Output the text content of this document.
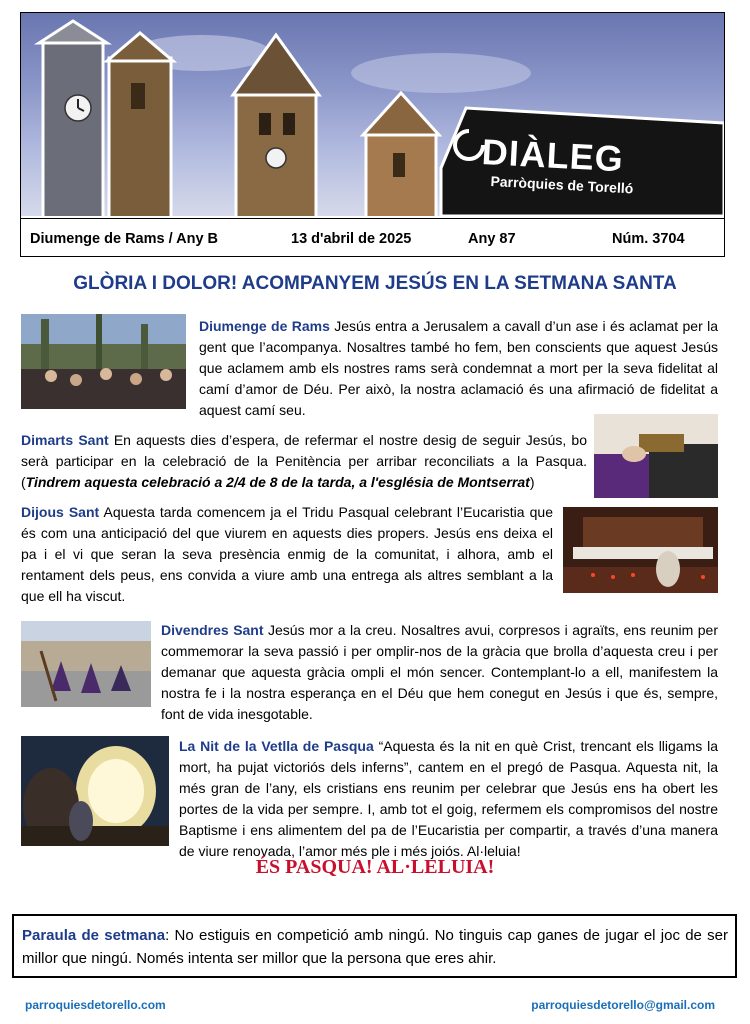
DIÀLEG
Parròquies de Torelló
Diumenge de Rams / Any B	13 d'abril de 2025	Any 87	Núm. 3704
GLÒRIA I DOLOR! ACOMPANYEM JESÚS EN LA SETMANA SANTA
Diumenge de Rams Jesús entra a Jerusalem a cavall d’un ase i és aclamat per la gent que l’acompanya. Nosaltres també ho fem, ben conscients que aquest Jesús que aclamem amb els nostres rams serà condemnat a mort per la seva fidelitat al camí d’amor de Déu. Per això, la nostra aclamació és una afirmació de fidelitat a aquest camí seu.
Dimarts Sant En aquests dies d’espera, de refermar el nostre desig de seguir Jesús, bo serà participar en la celebració de la Penitència per arribar reconciliats a la Pasqua. (Tindrem aquesta celebració a 2/4 de 8 de la tarda, a l'església de Montserrat)
Dijous Sant Aquesta tarda comencem ja el Tridu Pasqual celebrant l’Eucaristia que és com una anticipació del que viurem en aquests dies propers. Jesús ens deixa el pa i el vi que seran la seva presència enmig de la comunitat, i alhora, amb el rentament dels peus, ens convida a viure amb una entrega als altres semblant a la que ell ha viscut.
Divendres Sant Jesús mor a la creu. Nosaltres avui, corpresos i agraïts, ens reunim per commemorar la seva passió i per omplir-nos de la gràcia que brolla d’aquesta creu i per demanar que aquesta gràcia ompli el món sencer. Contemplant-lo a ell, manifestem la nostra fe i la nostra esperança en el Déu que hem conegut en Jesús i que és, sempre, font de vida inesgotable.
La Nit de la Vetlla de Pasqua “Aquesta és la nit en què Crist, trencant els lligams la mort, ha pujat victoriós dels inferns”, cantem en el pregó de Pasqua. Aquesta nit, la més gran de l’any, els cristians ens reunim per celebrar que Jesús ens ha obert les portes de la vida per sempre. I, amb tot el goig, refermem els compromisos del nostre Baptisme i ens alimentem del pa de l’Eucaristia per compartir, a través d’una manera de viure renovada, l’amor més ple i més joiós. Al·leluia!
ÉS PASQUA! AL·LELUIA!
Paraula de setmana: No estiguis en competició amb ningú. No tinguis cap ganes de jugar el joc de ser millor que ningú. Només intenta ser millor que la persona que eres ahir.
parroquiesdetorello.com	parroquiesdetorello@gmail.com
